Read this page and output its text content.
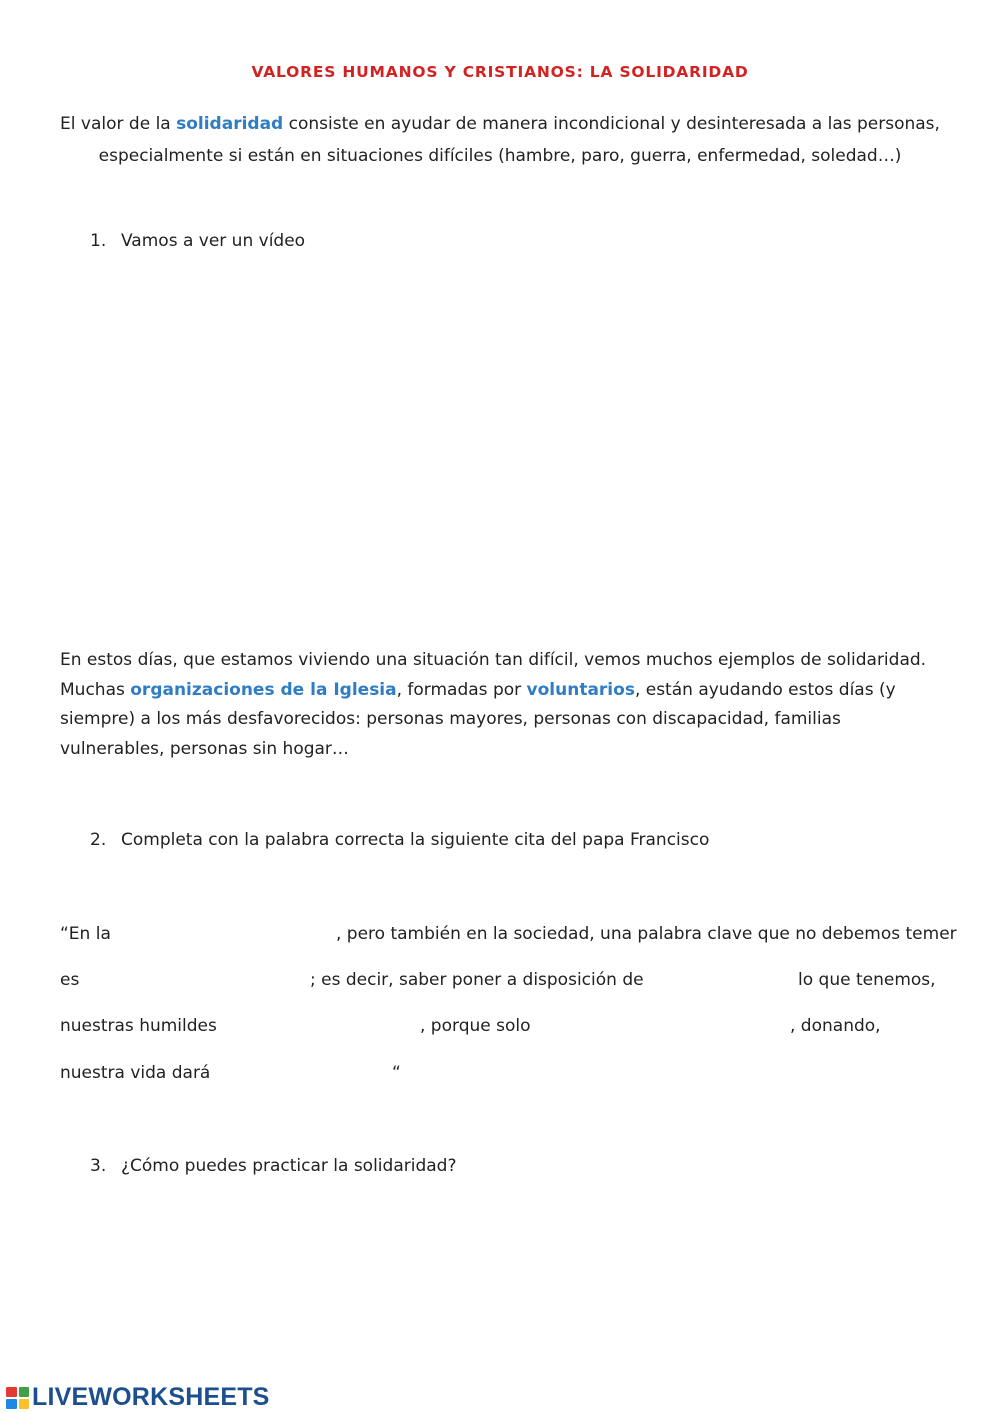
VALORES HUMANOS Y CRISTIANOS: LA SOLIDARIDAD
El valor de la solidaridad consiste en ayudar de manera incondicional y desinteresada a las personas,
especialmente si están en situaciones difíciles (hambre, paro, guerra, enfermedad, soledad…)
1. Vamos a ver un vídeo
En estos días, que estamos viviendo una situación tan difícil, vemos muchos ejemplos de solidaridad. Muchas organizaciones de la Iglesia, formadas por voluntarios, están ayudando estos días (y siempre) a los más desfavorecidos: personas mayores, personas con discapacidad, familias vulnerables, personas sin hogar…
2. Completa con la palabra correcta la siguiente cita del papa Francisco
“En la	, pero también en la sociedad, una palabra clave que no debemos temer
es	; es decir, saber poner a disposición de	lo que tenemos,
nuestras humildes	, porque solo	, donando,
nuestra vida dará	“
3. ¿Cómo puedes practicar la solidaridad?
LIVEWORKSHEETS
